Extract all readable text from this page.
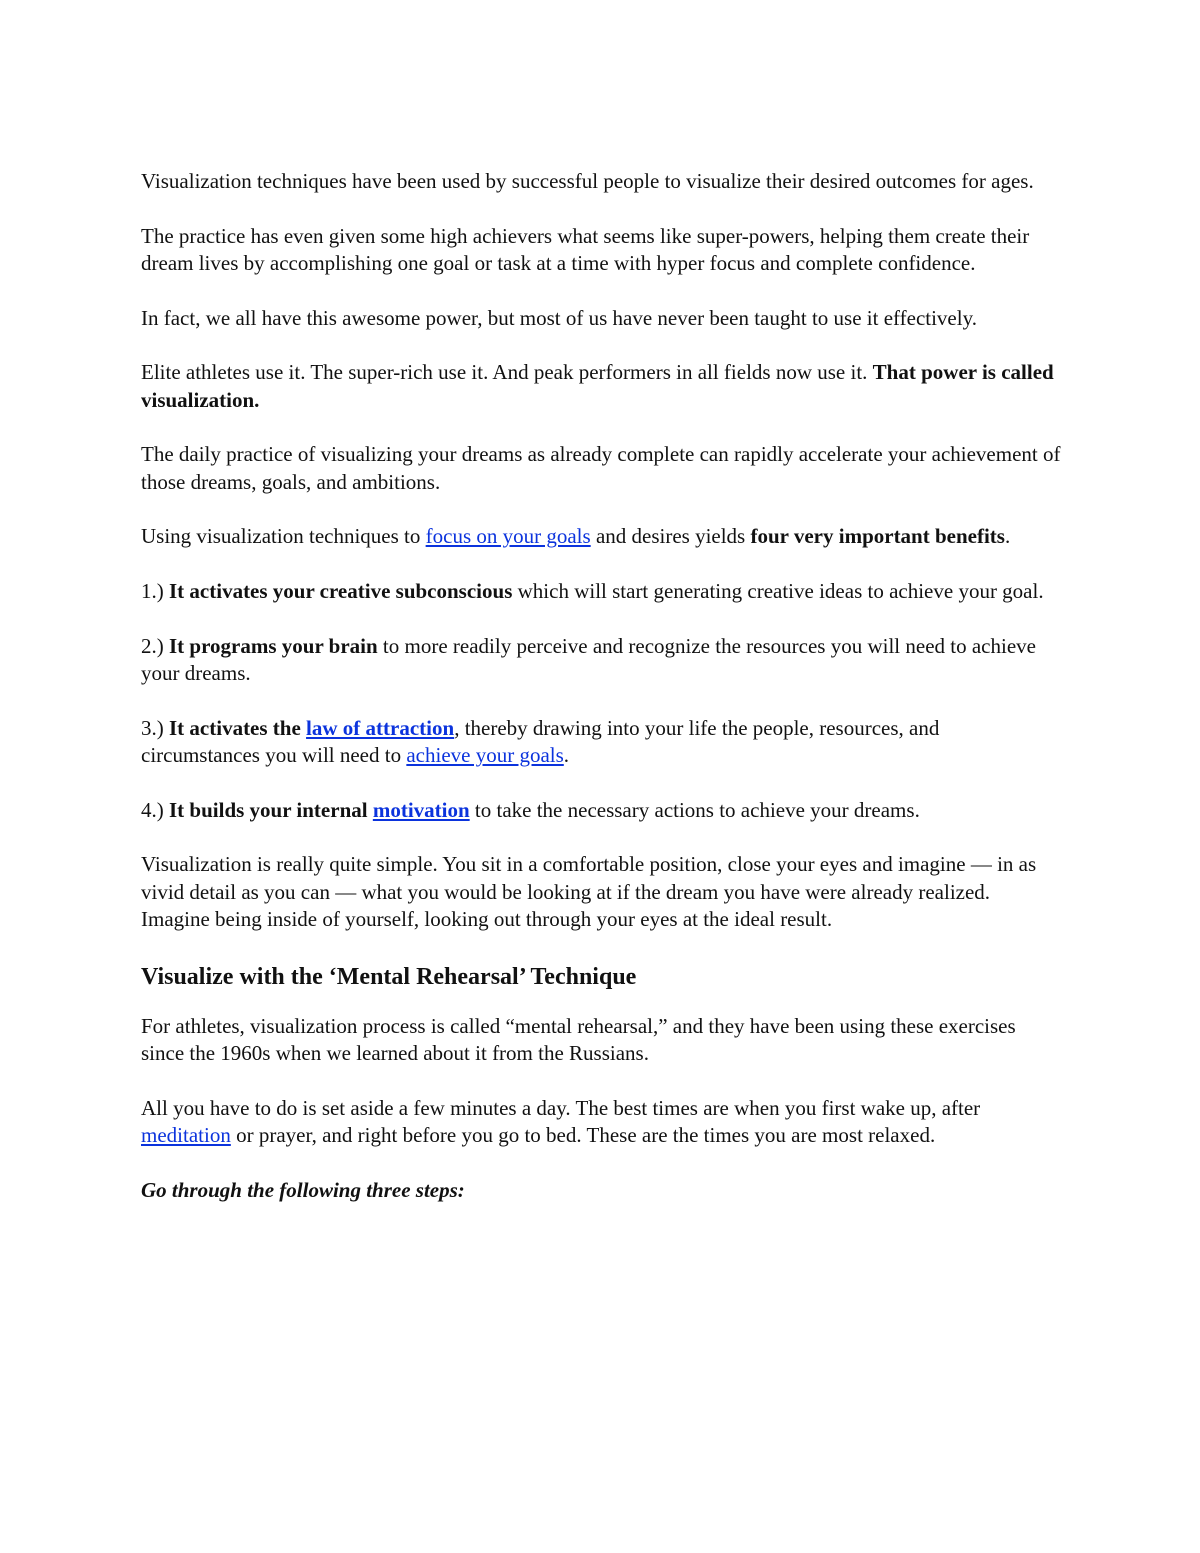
Visualization techniques have been used by successful people to visualize their desired outcomes for ages.

The practice has even given some high achievers what seems like super-powers, helping them create their dream lives by accomplishing one goal or task at a time with hyper focus and complete confidence.

In fact, we all have this awesome power, but most of us have never been taught to use it effectively.

Elite athletes use it. The super-rich use it. And peak performers in all fields now use it. That power is called visualization.

The daily practice of visualizing your dreams as already complete can rapidly accelerate your achievement of those dreams, goals, and ambitions.

Using visualization techniques to focus on your goals and desires yields four very important benefits.

1.) It activates your creative subconscious which will start generating creative ideas to achieve your goal.

2.) It programs your brain to more readily perceive and recognize the resources you will need to achieve your dreams.

3.) It activates the law of attraction, thereby drawing into your life the people, resources, and circumstances you will need to achieve your goals.

4.) It builds your internal motivation to take the necessary actions to achieve your dreams.

Visualization is really quite simple. You sit in a comfortable position, close your eyes and imagine — in as vivid detail as you can — what you would be looking at if the dream you have were already realized. Imagine being inside of yourself, looking out through your eyes at the ideal result.

Visualize with the ‘Mental Rehearsal’ Technique

For athletes, visualization process is called “mental rehearsal,” and they have been using these exercises since the 1960s when we learned about it from the Russians.

All you have to do is set aside a few minutes a day. The best times are when you first wake up, after meditation or prayer, and right before you go to bed. These are the times you are most relaxed.

Go through the following three steps:
